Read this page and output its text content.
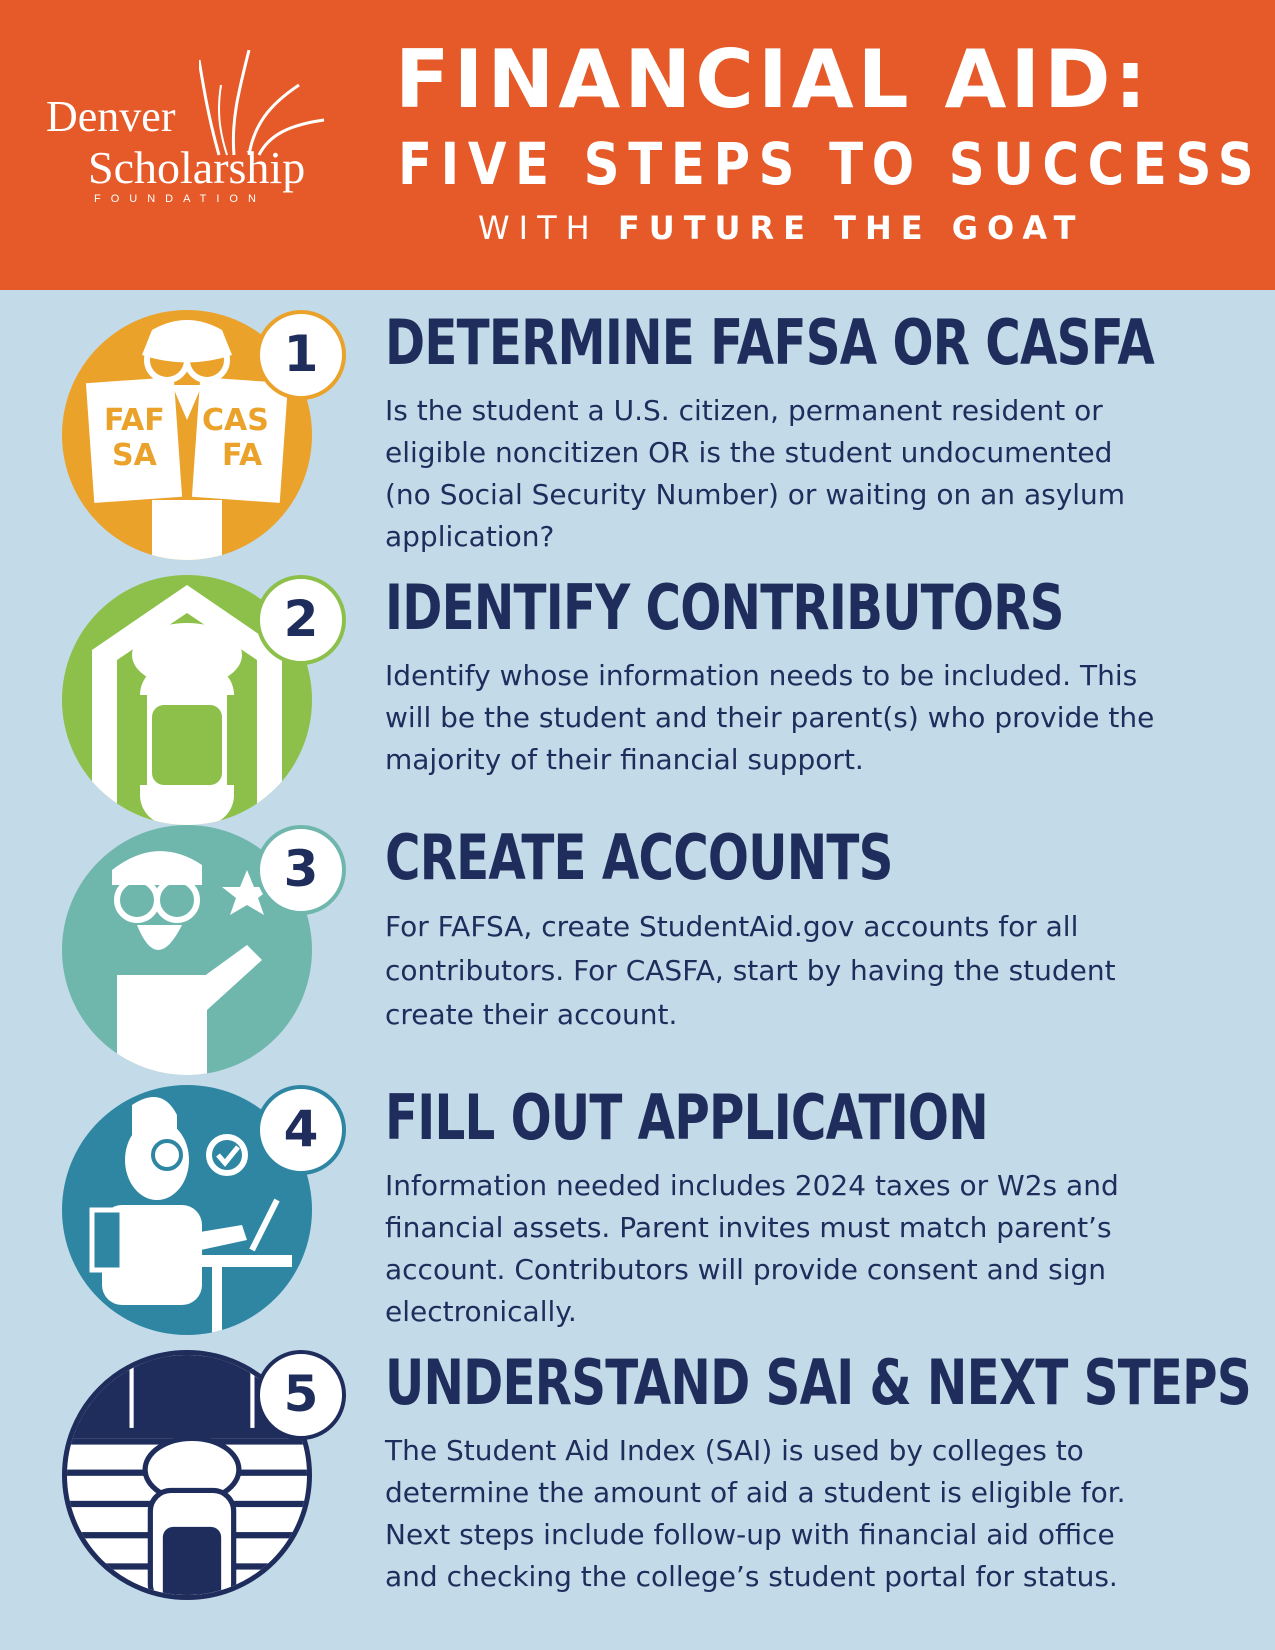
Denver
Scholarship
FOUNDATION
FINANCIAL AID:
FIVE STEPS TO SUCCESS
WITH FUTURE THE GOAT
FAF
SA
CAS
FA
1	DETERMINE FAFSA OR CASFA
Is the student a U.S. citizen, permanent resident or eligible noncitizen OR is the student undocumented (no Social Security Number) or waiting on an asylum application?
2	IDENTIFY CONTRIBUTORS
Identify whose information needs to be included. This will be the student and their parent(s) who provide the majority of their financial support.
3	CREATE ACCOUNTS
For FAFSA, create StudentAid.gov accounts for all contributors. For CASFA, start by having the student create their account.
4	FILL OUT APPLICATION
Information needed includes 2024 taxes or W2s and financial assets. Parent invites must match parent’s account. Contributors will provide consent and sign electronically.
5	UNDERSTAND SAI & NEXT STEPS
The Student Aid Index (SAI) is used by colleges to determine the amount of aid a student is eligible for. Next steps include follow-up with financial aid office and checking the college’s student portal for status.
